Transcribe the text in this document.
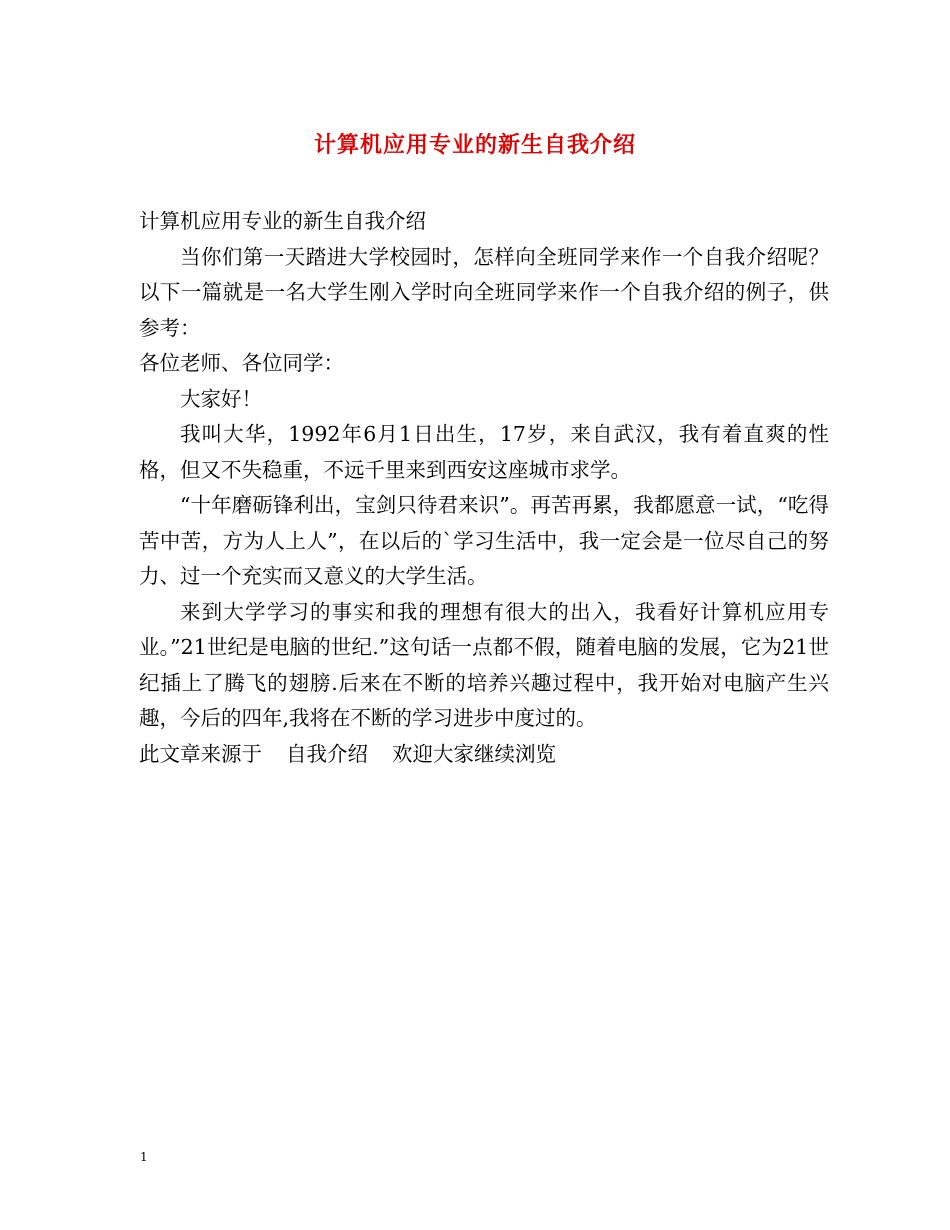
计算机应用专业的新生自我介绍

计算机应用专业的新生自我介绍

当你们第一天踏进大学校园时，怎样向全班同学来作一个自我介绍呢？以下一篇就是一名大学生刚入学时向全班同学来作一个自我介绍的例子，供参考：

各位老师、各位同学：

大家好！

我叫大华，1992年6月1日出生，17岁，来自武汉，我有着直爽的性格，但又不失稳重，不远千里来到西安这座城市求学。

“十年磨砺锋利出，宝剑只待君来识”。再苦再累，我都愿意一试，“吃得苦中苦，方为人上人”，在以后的`学习生活中，我一定会是一位尽自己的努力、过一个充实而又意义的大学生活。

来到大学学习的事实和我的理想有很大的出入，我看好计算机应用专业。”21世纪是电脑的世纪.”这句话一点都不假，随着电脑的发展，它为21世纪插上了腾飞的翅膀.后来在不断的培养兴趣过程中，我开始对电脑产生兴趣，今后的四年,我将在不断的学习进步中度过的。

此文章来源于 自我介绍 欢迎大家继续浏览

1
